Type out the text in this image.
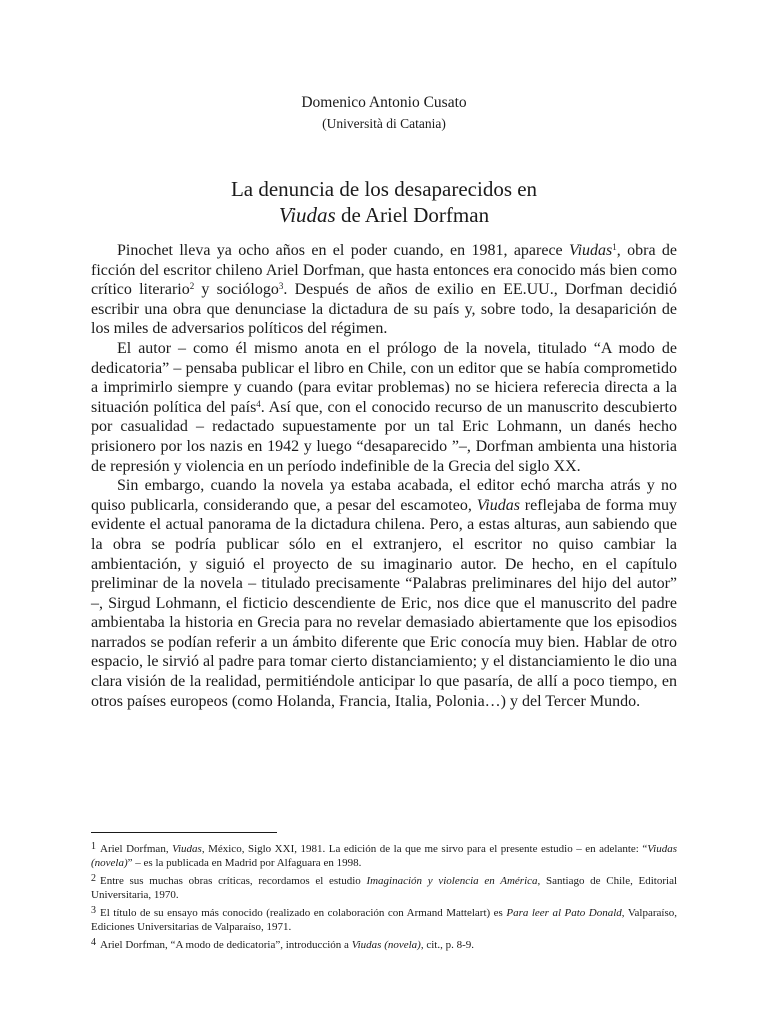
Domenico Antonio Cusato
(Università di Catania)
La denuncia de los desaparecidos en
Viudas de Ariel Dorfman

Pinochet lleva ya ocho años en el poder cuando, en 1981, aparece Viudas$^1$, obra de ficción del escritor chileno Ariel Dorfman, que hasta entonces era conocido más bien como crítico literario$^2$ y sociólogo$^3$. Después de años de exilio en EE.UU., Dorfman decidió escribir una obra que denunciase la dictadura de su país y, sobre todo, la desaparición de los miles de adversarios políticos del régimen.

El autor – como él mismo anota en el prólogo de la novela, titulado “A modo de dedicatoria” – pensaba publicar el libro en Chile, con un editor que se había comprometido a imprimirlo siempre y cuando (para evitar problemas) no se hiciera referecia directa a la situación política del país$^4$. Así que, con el conocido recurso de un manuscrito descubierto por casualidad – redactado supuestamente por un tal Eric Lohmann, un danés hecho prisionero por los nazis en 1942 y luego “desaparecido ”–, Dorfman ambienta una historia de represión y violencia en un período indefinible de la Grecia del siglo XX.

Sin embargo, cuando la novela ya estaba acabada, el editor echó marcha atrás y no quiso publicarla, considerando que, a pesar del escamoteo, Viudas reflejaba de forma muy evidente el actual panorama de la dictadura chilena. Pero, a estas alturas, aun sabiendo que la obra se podría publicar sólo en el extranjero, el escritor no quiso cambiar la ambientación, y siguió el proyecto de su imaginario autor. De hecho, en el capítulo preliminar de la novela – titulado precisamente “Palabras preliminares del hijo del autor” –, Sirgud Lohmann, el ficticio descendiente de Eric, nos dice que el manuscrito del padre ambientaba la historia en Grecia para no revelar demasiado abiertamente que los episodios narrados se podían referir a un ámbito diferente que Eric conocía muy bien. Hablar de otro espacio, le sirvió al padre para tomar cierto distanciamiento; y el distanciamiento le dio una clara visión de la realidad, permitiéndole anticipar lo que pasaría, de allí a poco tiempo, en otros países europeos (como Holanda, Francia, Italia, Polonia…) y del Tercer Mundo.

1 Ariel Dorfman, Viudas, México, Siglo XXI, 1981. La edición de la que me sirvo para el presente estudio – en adelante: “Viudas (novela)” – es la publicada en Madrid por Alfaguara en 1998.
2 Entre sus muchas obras críticas, recordamos el estudio Imaginación y violencia en América, Santiago de Chile, Editorial Universitaria, 1970.
3 El título de su ensayo más conocido (realizado en colaboración con Armand Mattelart) es Para leer al Pato Donald, Valparaíso, Ediciones Universitarias de Valparaíso, 1971.
4 Ariel Dorfman, “A modo de dedicatoria”, introducción a Viudas (novela), cit., p. 8-9.
